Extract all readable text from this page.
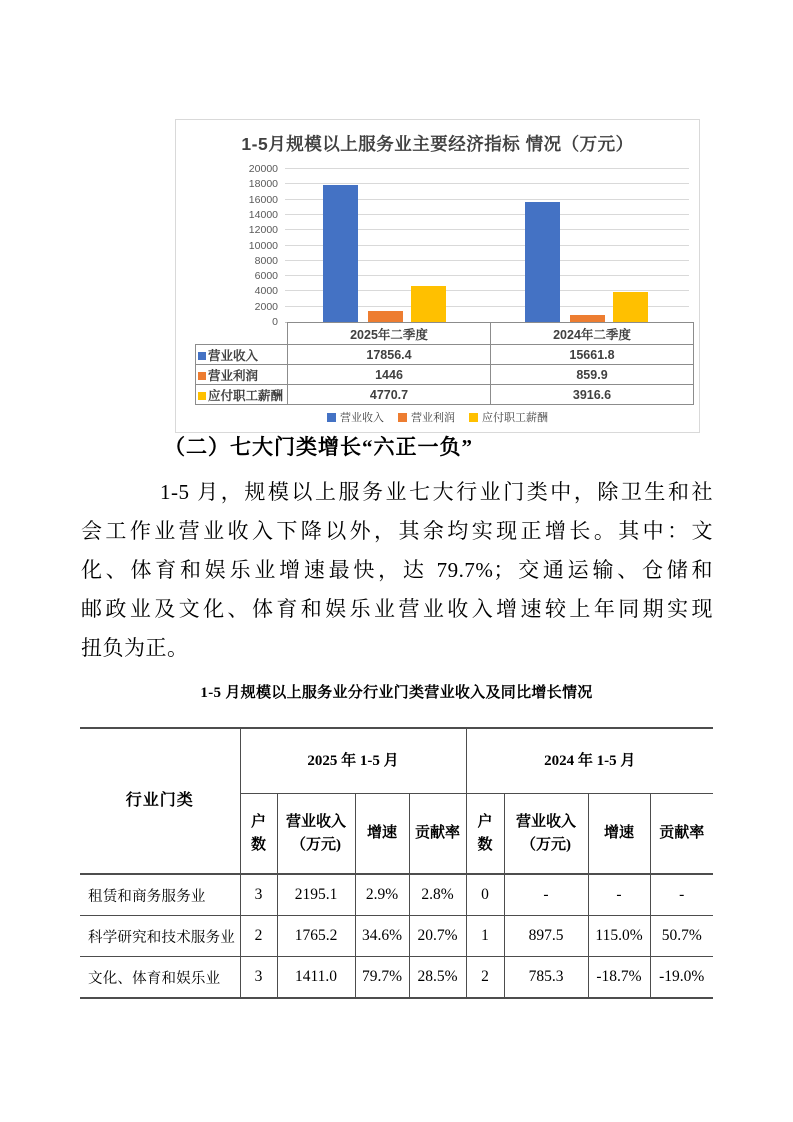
1-5月规模以上服务业主要经济指标 情况（万元）
0
2000
4000
6000
8000
10000
12000
14000
16000
18000
20000
	2025年二季度	2024年二季度
营业收入	17856.4	15661.8
营业利润	1446	859.9
应付职工薪酬	4770.7	3916.6
营业收入 营业利润 应付职工薪酬
（二）七大门类增长“六正一负”
1-5 月，规模以上服务业七大行业门类中，除卫生和社
会工作业营业收入下降以外，其余均实现正增长。其中：文
化、体育和娱乐业增速最快，达 79.7%；交通运输、仓储和
邮政业及文化、体育和娱乐业营业收入增速较上年同期实现
扭负为正。
1-5 月规模以上服务业分行业门类营业收入及同比增长情况
行业门类	2025 年 1-5 月				2024 年 1-5 月			
	户数	营业收入（万元)	增速	贡献率	户数	营业收入（万元)	增速	贡献率
租赁和商务服务业	3	2195.1	2.9%	2.8%	0	-	-	-
科学研究和技术服务业	2	1765.2	34.6%	20.7%	1	897.5	115.0%	50.7%
文化、体育和娱乐业	3	1411.0	79.7%	28.5%	2	785.3	-18.7%	-19.0%
